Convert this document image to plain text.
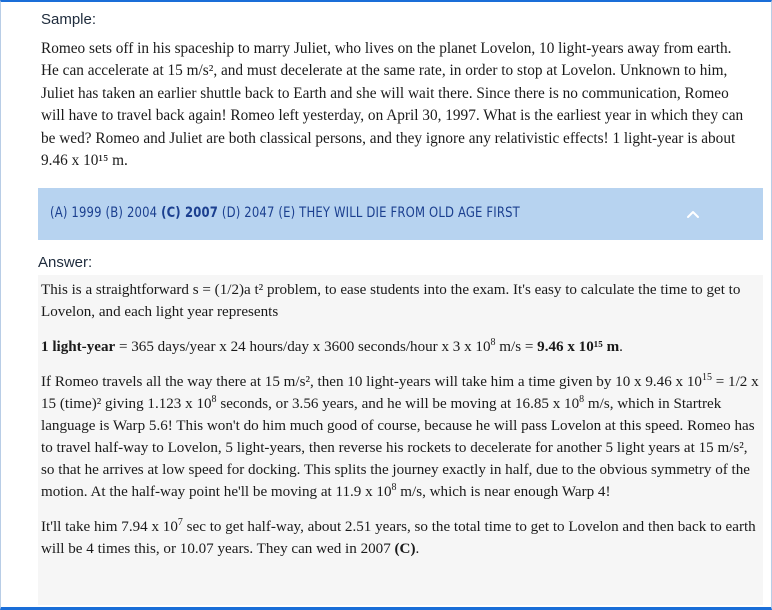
Sample:

Romeo sets off in his spaceship to marry Juliet, who lives on the planet Lovelon, 10 light-years away from earth. He can accelerate at 15 m/s², and must decelerate at the same rate, in order to stop at Lovelon. Unknown to him, Juliet has taken an earlier shuttle back to Earth and she will wait there. Since there is no communication, Romeo will have to travel back again! Romeo left yesterday, on April 30, 1997. What is the earliest year in which they can be wed? Romeo and Juliet are both classical persons, and they ignore any relativistic effects! 1 light-year is about 9.46 x 10¹⁵ m.

(A) 1999 (B) 2004 (C) 2007 (D) 2047 (E) THEY WILL DIE FROM OLD AGE FIRST
Answer:

This is a straightforward s = (1/2)a t² problem, to ease students into the exam. It's easy to calculate the time to get to Lovelon, and each light year represents

1 light-year = 365 days/year x 24 hours/day x 3600 seconds/hour x 3 x $10^8$ m/s = 9.46 x 10¹⁵ m.

If Romeo travels all the way there at 15 m/s², then 10 light-years will take him a time given by 10 x 9.46 x $10^{15} = 1/2$ x 15 (time)² giving 1.123 x $10^8$ seconds, or 3.56 years, and he will be moving at 16.85 x $10^8$ m/s, which in Startrek language is Warp 5.6! This won't do him much good of course, because he will pass Lovelon at this speed. Romeo has to travel half-way to Lovelon, 5 light-years, then reverse his rockets to decelerate for another 5 light years at 15 m/s², so that he arrives at low speed for docking. This splits the journey exactly in half, due to the obvious symmetry of the motion. At the half-way point he'll be moving at 11.9 x $10^8$ m/s, which is near enough Warp 4!

It'll take him 7.94 x $10^7$ sec to get half-way, about 2.51 years, so the total time to get to Lovelon and then back to earth will be 4 times this, or 10.07 years. They can wed in 2007 (C).
